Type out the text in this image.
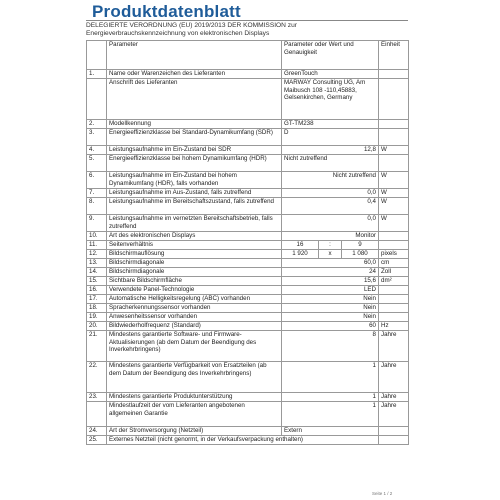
Produktdatenblatt
DELEGIERTE VERORDNUNG (EU) 2019/2013 DER KOMMISSION zur
Energieverbrauchskennzeichnung von elektronischen Displays
	Parameter	Parameter oder Wert und Genauigkeit	Einheit
1.	Name oder Warenzeichen des Lieferanten	GreenTouch	
	Anschrift des Lieferanten	MARWAY Consulting UG, Am Maibusch 108 -110,45883, Gelsenkirchen, Germany	
2.	Modellkennung	GT-TM238	
3.	Energieeffizienzklasse bei Standard-Dynamikumfang (SDR)	D	
4.	Leistungsaufnahme im Ein-Zustand bei SDR	12,8	W
5.	Energieeffizienzklasse bei hohem Dynamikumfang (HDR)	Nicht zutreffend	
6.	Leistungsaufnahme im Ein-Zustand bei hohem Dynamikumfang (HDR), falls vorhanden	Nicht zutreffend	W
7.	Leistungsaufnahme im Aus-Zustand, falls zutreffend	0,0	W
8.	Leistungsaufnahme im Bereitschaftszustand, falls zutreffend	0,4	W
9.	Leistungsaufnahme im vernetzten Bereitschaftsbetrieb, falls zutreffend	0,0	W
10.	Art des elektronischen Displays	Monitor	
11.	Seitenverhältnis	16 : 9	

12.	Bildschirmauflösung	1 920 x 1 080	pixels
13.	Bildschirmdiagonale	60,0	cm
14.	Bildschirmdiagonale	24	Zoll
15.	Sichtbare Bildschirmfläche	15,6	dm²
16.	Verwendete Panel-Technologie	LED	
17.	Automatische Helligkeitsregelung (ABC) vorhanden	Nein	
18.	Spracherkennungssensor vorhanden	Nein	
19.	Anwesenheitssensor vorhanden	Nein	
20.	Bildwiederholfrequenz (Standard)	60	Hz
21.	Mindestens garantierte Software- und Firmware-Aktualisierungen (ab dem Datum der Beendigung des Inverkehrbringens)	8	Jahre
22.	Mindestens garantierte Verfügbarkeit von Ersatzteilen (ab dem Datum der Beendigung des Inverkehrbringens)	1	Jahre
23.	Mindestens garantierte Produktunterstützung	1	Jahre
	Mindestlaufzeit der vom Lieferanten angebotenen allgemeinen Garantie	1	Jahre
24.	Art der Stromversorgung (Netzteil)	Extern	
25.	Externes Netzteil (nicht genormt, in der Verkaufsverpackung enthalten)		
Seite 1 / 2
